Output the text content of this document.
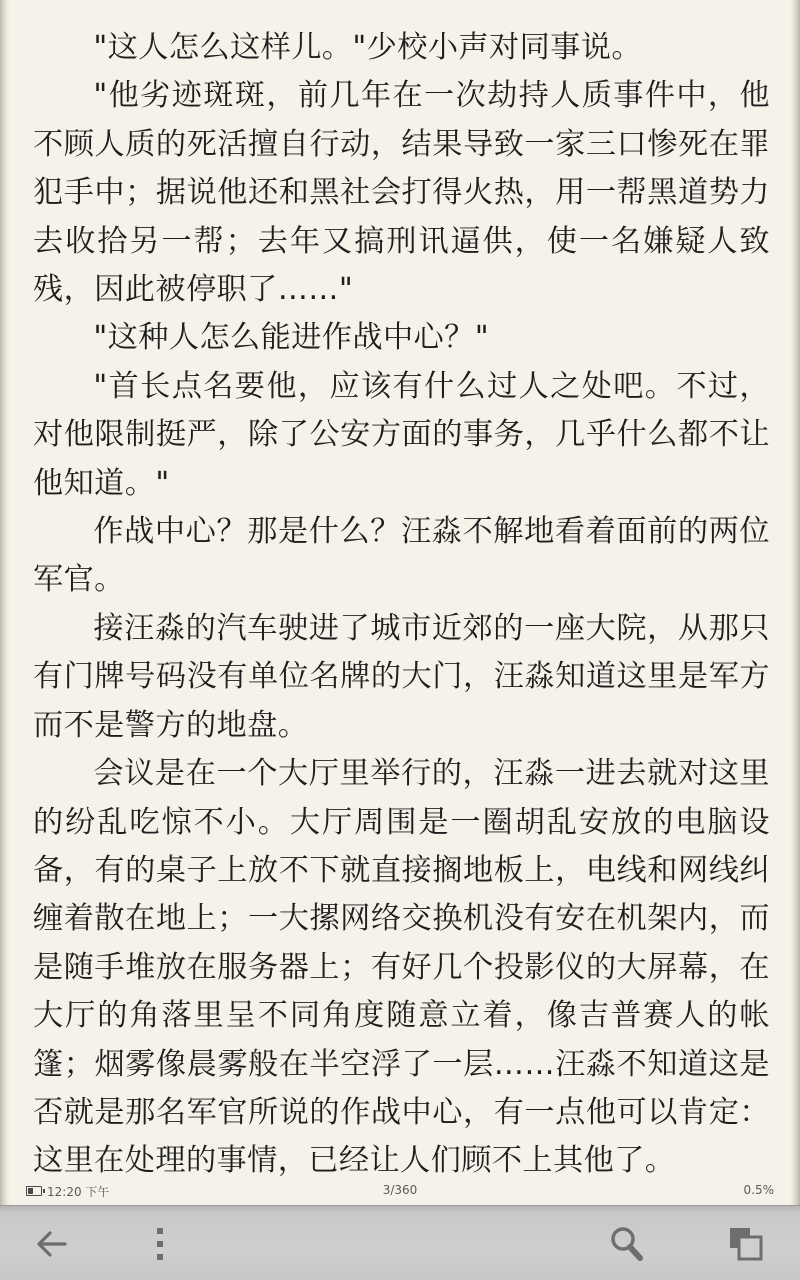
"这人怎么这样儿。"少校小声对同事说。

"他劣迹斑斑，前几年在一次劫持人质事件中，他不顾人质的死活擅自行动，结果导致一家三口惨死在罪犯手中；据说他还和黑社会打得火热，用一帮黑道势力去收拾另一帮；去年又搞刑讯逼供，使一名嫌疑人致残，因此被停职了……"

"这种人怎么能进作战中心？"

"首长点名要他，应该有什么过人之处吧。不过，对他限制挺严，除了公安方面的事务，几乎什么都不让他知道。"

作战中心？那是什么？汪淼不解地看着面前的两位军官。

接汪淼的汽车驶进了城市近郊的一座大院，从那只有门牌号码没有单位名牌的大门，汪淼知道这里是军方而不是警方的地盘。

会议是在一个大厅里举行的，汪淼一进去就对这里的纷乱吃惊不小。大厅周围是一圈胡乱安放的电脑设备，有的桌子上放不下就直接搁地板上，电线和网线纠缠着散在地上；一大摞网络交换机没有安在机架内，而是随手堆放在服务器上；有好几个投影仪的大屏幕，在大厅的角落里呈不同角度随意立着，像吉普赛人的帐篷；烟雾像晨雾般在半空浮了一层……汪淼不知道这是否就是那名军官所说的作战中心，有一点他可以肯定：这里在处理的事情，已经让人们顾不上其他了。

12:20 下午	3/360	0.5%
